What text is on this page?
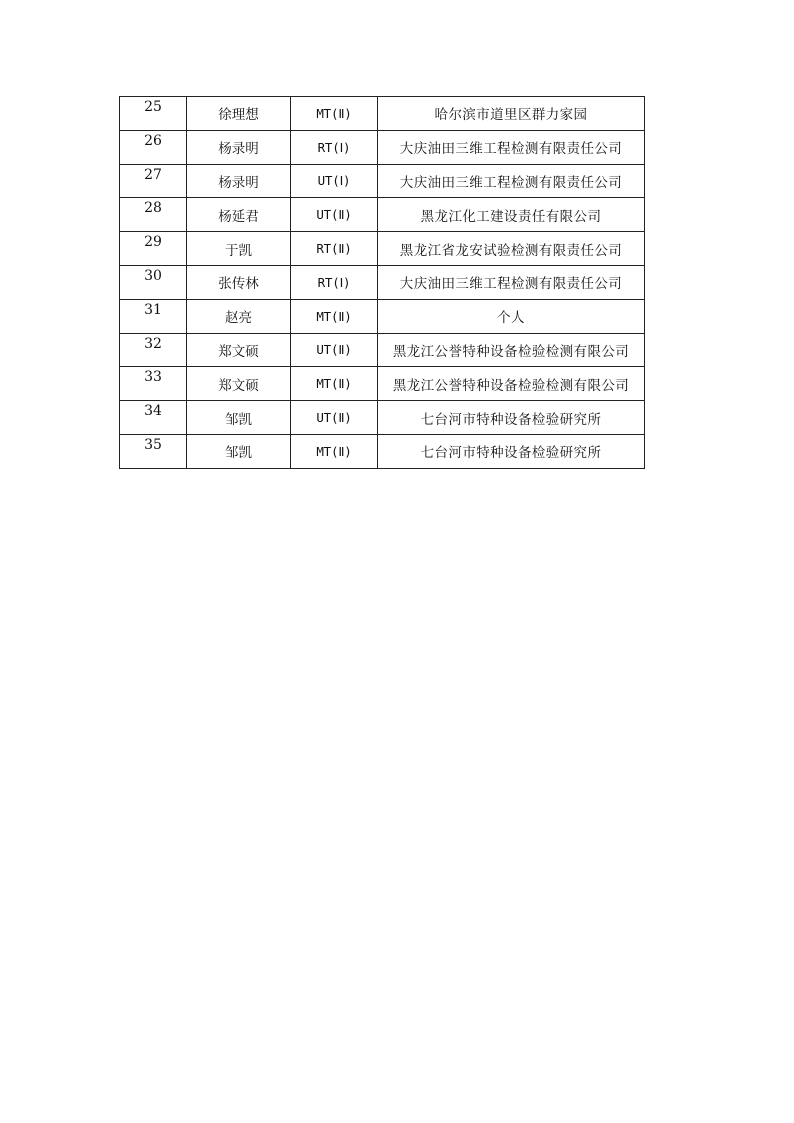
25	徐理想	MT(Ⅱ)	哈尔滨市道里区群力家园
26	杨录明	RT(Ⅰ)	大庆油田三维工程检测有限责任公司
27	杨录明	UT(Ⅰ)	大庆油田三维工程检测有限责任公司
28	杨延君	UT(Ⅱ)	黑龙江化工建设责任有限公司
29	于凯	RT(Ⅱ)	黑龙江省龙安试验检测有限责任公司
30	张传林	RT(Ⅰ)	大庆油田三维工程检测有限责任公司
31	赵亮	MT(Ⅱ)	个人
32	郑文硕	UT(Ⅱ)	黑龙江公誉特种设备检验检测有限公司
33	郑文硕	MT(Ⅱ)	黑龙江公誉特种设备检验检测有限公司
34	邹凯	UT(Ⅱ)	七台河市特种设备检验研究所
35	邹凯	MT(Ⅱ)	七台河市特种设备检验研究所
